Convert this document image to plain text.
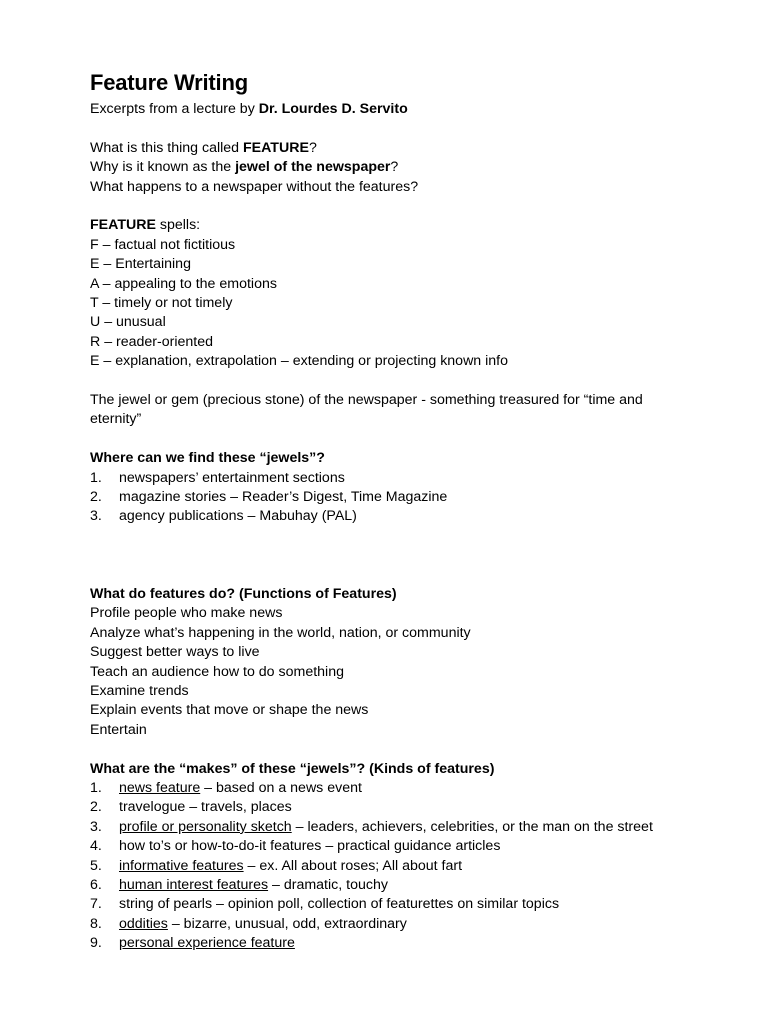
Feature Writing

Excerpts from a lecture by Dr. Lourdes D. Servito

What is this thing called FEATURE?

Why is it known as the jewel of the newspaper?

What happens to a newspaper without the features?

FEATURE spells:

F – factual not fictitious

E – Entertaining

A – appealing to the emotions

T – timely or not timely

U – unusual

R – reader-oriented

E – explanation, extrapolation – extending or projecting known info

The jewel or gem (precious stone) of the newspaper - something treasured for “time and eternity”

Where can we find these “jewels”?

1. newspapers’ entertainment sections

2. magazine stories – Reader’s Digest, Time Magazine

3. agency publications – Mabuhay (PAL)

What do features do? (Functions of Features)

Profile people who make news

Analyze what’s happening in the world, nation, or community

Suggest better ways to live

Teach an audience how to do something

Examine trends

Explain events that move or shape the news

Entertain

What are the “makes” of these “jewels”? (Kinds of features)

1. news feature – based on a news event

2. travelogue – travels, places

3. profile or personality sketch – leaders, achievers, celebrities, or the man on the street

4. how to’s or how-to-do-it features – practical guidance articles

5. informative features – ex. All about roses; All about fart

6. human interest features – dramatic, touchy

7. string of pearls – opinion poll, collection of featurettes on similar topics

8. oddities – bizarre, unusual, odd, extraordinary

9. personal experience feature
